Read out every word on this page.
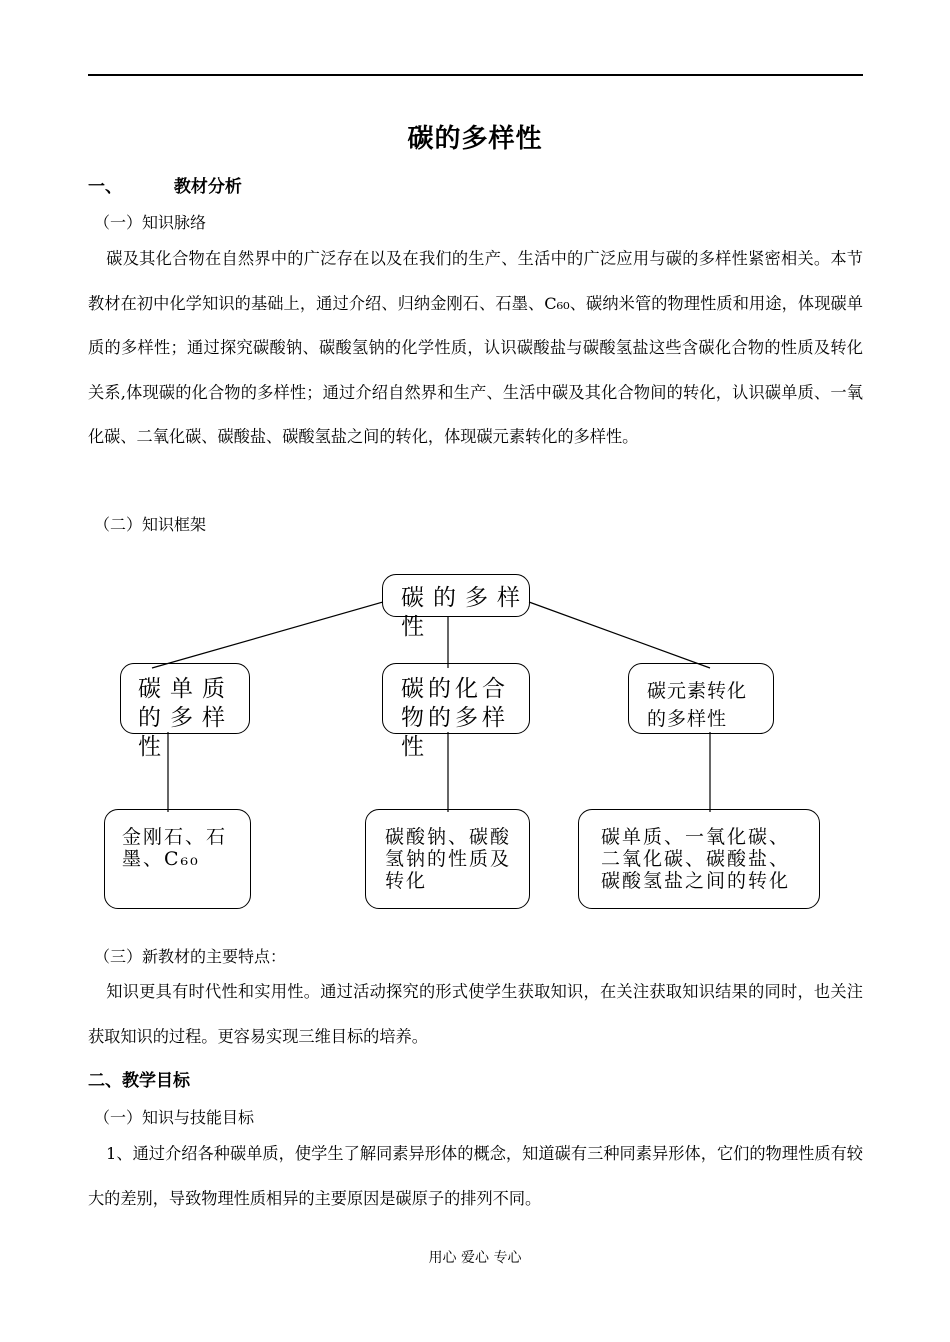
碳的多样性
一、	教材分析
（一）知识脉络

碳及其化合物在自然界中的广泛存在以及在我们的生产、生活中的广泛应用与碳的多样性紧密相关。本节教材在初中化学知识的基础上，通过介绍、归纳金刚石、石墨、C₆₀、碳纳米管的物理性质和用途，体现碳单质的多样性；通过探究碳酸钠、碳酸氢钠的化学性质，认识碳酸盐与碳酸氢盐这些含碳化合物的性质及转化关系,体现碳的化合物的多样性；通过介绍自然界和生产、生活中碳及其化合物间的转化，认识碳单质、一氧化碳、二氧化碳、碳酸盐、碳酸氢盐之间的转化，体现碳元素转化的多样性。

（二）知识框架
碳的多样性
碳单质的多样性
碳的化合物的多样性
碳元素转化的多样性
金刚石、石墨、C₆₀
碳酸钠、碳酸氢钠的性质及转化
碳单质、一氧化碳、二氧化碳、碳酸盐、碳酸氢盐之间的转化
（三）新教材的主要特点：

知识更具有时代性和实用性。通过活动探究的形式使学生获取知识，在关注获取知识结果的同时，也关注获取知识的过程。更容易实现三维目标的培养。

二、教学目标
（一）知识与技能目标

1、通过介绍各种碳单质，使学生了解同素异形体的概念，知道碳有三种同素异形体，它们的物理性质有较大的差别，导致物理性质相异的主要原因是碳原子的排列不同。

用心 爱心 专心
